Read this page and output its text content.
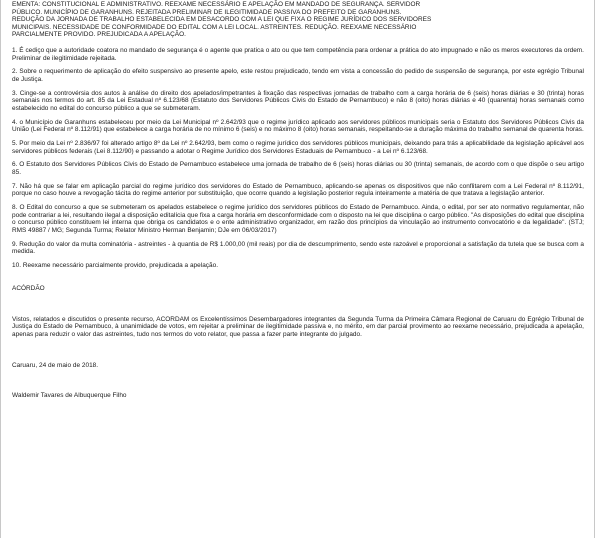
EMENTA: CONSTITUCIONAL E ADMINISTRATIVO. REEXAME NECESSÁRIO E APELAÇÃO EM MANDADO DE SEGURANÇA. SERVIDOR
PÚBLICO. MUNICÍPIO DE GARANHUNS. REJEITADA PRELIMINAR DE ILEGITIMIDADE PASSIVA DO PREFEITO DE GARANHUNS.
REDUÇÃO DA JORNADA DE TRABALHO ESTABELECIDA EM DESACORDO COM A LEI QUE FIXA O REGIME JURÍDICO DOS SERVIDORES
MUNICIPAIS. NECESSIDADE DE CONFORMIDADE DO EDITAL COM A LEI LOCAL. ASTREINTES. REDUÇÃO. REEXAME NECESSÁRIO
PARCIALMENTE PROVIDO. PREJUDICADA A APELAÇÃO.

1. É cediço que a autoridade coatora no mandado de segurança é o agente que pratica o ato ou que tem competência para ordenar a prática do ato impugnado e não os meros executores da ordem. Preliminar de ilegitimidade rejeitada.

2. Sobre o requerimento de aplicação do efeito suspensivo ao presente apelo, este restou prejudicado, tendo em vista a concessão do pedido de suspensão de segurança, por este egrégio Tribunal de Justiça.

3. Cinge-se a controvérsia dos autos à análise do direito dos apelados/impetrantes à fixação das respectivas jornadas de trabalho com a carga horária de 6 (seis) horas diárias e 30 (trinta) horas semanais nos termos do art. 85 da Lei Estadual nº 6.123/68 (Estatuto dos Servidores Públicos Civis do Estado de Pernambuco) e não 8 (oito) horas diárias e 40 (quarenta) horas semanais como estabelecido no edital do concurso público a que se submeteram.

4. o Município de Garanhuns estabeleceu por meio da Lei Municipal nº 2.642/93 que o regime jurídico aplicado aos servidores públicos municipais seria o Estatuto dos Servidores Públicos Civis da União (Lei Federal nº 8.112/91) que estabelece a carga horária de no mínimo 6 (seis) e no máximo 8 (oito) horas semanais, respeitando-se a duração máxima do trabalho semanal de quarenta horas.

5. Por meio da Lei nº 2.836/97 foi alterado artigo 8º da Lei nº 2.642/93, bem como o regime jurídico dos servidores públicos municipais, deixando para trás a aplicabilidade da legislação aplicável aos servidores públicos federais (Lei 8.112/90) e passando a adotar o Regime Jurídico dos Servidores Estaduais de Pernambuco - a Lei nº 6.123/68.

6. O Estatuto dos Servidores Públicos Civis do Estado de Pernambuco estabelece uma jornada de trabalho de 6 (seis) horas diárias ou 30 (trinta) semanais, de acordo com o que dispõe o seu artigo 85.

7. Não há que se falar em aplicação parcial do regime jurídico dos servidores do Estado de Pernambuco, aplicando-se apenas os dispositivos que não conflitarem com a Lei Federal nº 8.112/91, porque no caso houve a revogação tácita do regime anterior por substituição, que ocorre quando a legislação posterior regula inteiramente a matéria de que tratava a legislação anterior.

8. O Edital do concurso a que se submeteram os apelados estabelece o regime jurídico dos servidores públicos do Estado de Pernambuco. Ainda, o edital, por ser ato normativo regulamentar, não pode contrariar a lei, resultando ilegal a disposição editalícia que fixa a carga horária em desconformidade com o disposto na lei que disciplina o cargo público. "As disposições do edital que disciplina o concurso público constituem lei interna que obriga os candidatos e o ente administrativo organizador, em razão dos princípios da vinculação ao instrumento convocatório e da legalidade". (STJ; RMS 49887 / MG; Segunda Turma; Relator Ministro Herman Benjamin; DJe em 06/03/2017)

9. Redução do valor da multa cominatória - astreintes - à quantia de R$ 1.000,00 (mil reais) por dia de descumprimento, sendo este razoável e proporcional a satisfação da tutela que se busca com a medida.

10. Reexame necessário parcialmente provido, prejudicada a apelação.

ACÓRDÃO

Vistos, relatados e discutidos o presente recurso, ACORDAM os Excelentíssimos Desembargadores integrantes da Segunda Turma da Primeira Câmara Regional de Caruaru do Egrégio Tribunal de Justiça do Estado de Pernambuco, à unanimidade de votos, em rejeitar a preliminar de ilegitimidade passiva e, no mérito, em dar parcial provimento ao reexame necessário, prejudicada a apelação, apenas para reduzir o valor das astreintes, tudo nos termos do voto relator, que passa a fazer parte integrante do julgado.

Caruaru, 24 de maio de 2018.

Waldemir Tavares de Albuquerque Filho
